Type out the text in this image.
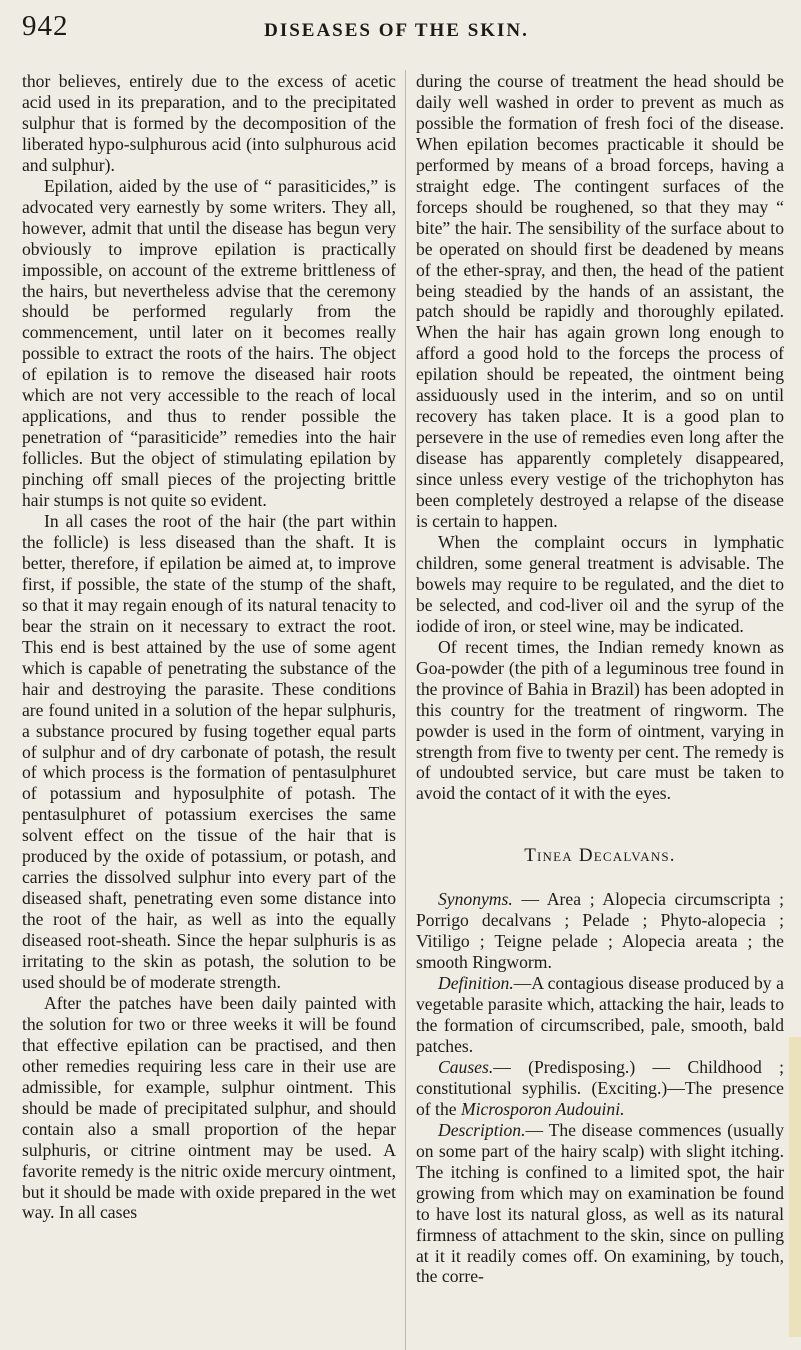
942	DISEASES OF THE SKIN.

thor believes, entirely due to the excess of acetic acid used in its preparation, and to the precipitated sulphur that is formed by the decomposition of the liberated hypo-sulphurous acid (into sulphurous acid and sulphur).

Epilation, aided by the use of “ parasiticides,” is advocated very earnestly by some writers. They all, however, admit that until the disease has begun very obviously to improve epilation is practically impossible, on account of the extreme brittleness of the hairs, but nevertheless advise that the ceremony should be performed regularly from the commencement, until later on it becomes really possible to extract the roots of the hairs. The object of epilation is to remove the diseased hair roots which are not very accessible to the reach of local applications, and thus to render possible the penetration of “parasiticide” remedies into the hair follicles. But the object of stimulating epilation by pinching off small pieces of the projecting brittle hair stumps is not quite so evident.

In all cases the root of the hair (the part within the follicle) is less diseased than the shaft. It is better, therefore, if epilation be aimed at, to improve first, if possible, the state of the stump of the shaft, so that it may regain enough of its natural tenacity to bear the strain on it necessary to extract the root. This end is best attained by the use of some agent which is capable of penetrating the substance of the hair and destroying the parasite. These conditions are found united in a solution of the hepar sulphuris, a substance procured by fusing together equal parts of sulphur and of dry carbonate of potash, the result of which process is the formation of pentasulphuret of potassium and hyposulphite of potash. The pentasulphuret of potassium exercises the same solvent effect on the tissue of the hair that is produced by the oxide of potassium, or potash, and carries the dissolved sulphur into every part of the diseased shaft, penetrating even some distance into the root of the hair, as well as into the equally diseased root-sheath. Since the hepar sulphuris is as irritating to the skin as potash, the solution to be used should be of moderate strength.

After the patches have been daily painted with the solution for two or three weeks it will be found that effective epilation can be practised, and then other remedies requiring less care in their use are admissible, for example, sulphur ointment. This should be made of precipitated sulphur, and should contain also a small proportion of the hepar sulphuris, or citrine ointment may be used. A favorite remedy is the nitric oxide mercury ointment, but it should be made with oxide prepared in the wet way. In all cases

during the course of treatment the head should be daily well washed in order to prevent as much as possible the formation of fresh foci of the disease. When epilation becomes practicable it should be performed by means of a broad forceps, having a straight edge. The contingent surfaces of the forceps should be roughened, so that they may “ bite” the hair. The sensibility of the surface about to be operated on should first be deadened by means of the ether-spray, and then, the head of the patient being steadied by the hands of an assistant, the patch should be rapidly and thoroughly epilated. When the hair has again grown long enough to afford a good hold to the forceps the process of epilation should be repeated, the ointment being assiduously used in the interim, and so on until recovery has taken place. It is a good plan to persevere in the use of remedies even long after the disease has apparently completely disappeared, since unless every vestige of the trichophyton has been completely destroyed a relapse of the disease is certain to happen.

When the complaint occurs in lymphatic children, some general treatment is advisable. The bowels may require to be regulated, and the diet to be selected, and cod-liver oil and the syrup of the iodide of iron, or steel wine, may be indicated.

Of recent times, the Indian remedy known as Goa-powder (the pith of a leguminous tree found in the province of Bahia in Brazil) has been adopted in this country for the treatment of ringworm. The powder is used in the form of ointment, varying in strength from five to twenty per cent. The remedy is of undoubted service, but care must be taken to avoid the contact of it with the eyes.

Tinea Decalvans.

Synonyms. — Area ; Alopecia circumscripta ; Porrigo decalvans ; Pelade ; Phyto-alopecia ; Vitiligo ; Teigne pelade ; Alopecia areata ; the smooth Ringworm.

Definition.—A contagious disease produced by a vegetable parasite which, attacking the hair, leads to the formation of circumscribed, pale, smooth, bald patches.

Causes.— (Predisposing.) — Childhood ; constitutional syphilis. (Exciting.)—The presence of the Microsporon Audouini.

Description.— The disease commences (usually on some part of the hairy scalp) with slight itching. The itching is confined to a limited spot, the hair growing from which may on examination be found to have lost its natural gloss, as well as its natural firmness of attachment to the skin, since on pulling at it it readily comes off. On examining, by touch, the corre-
